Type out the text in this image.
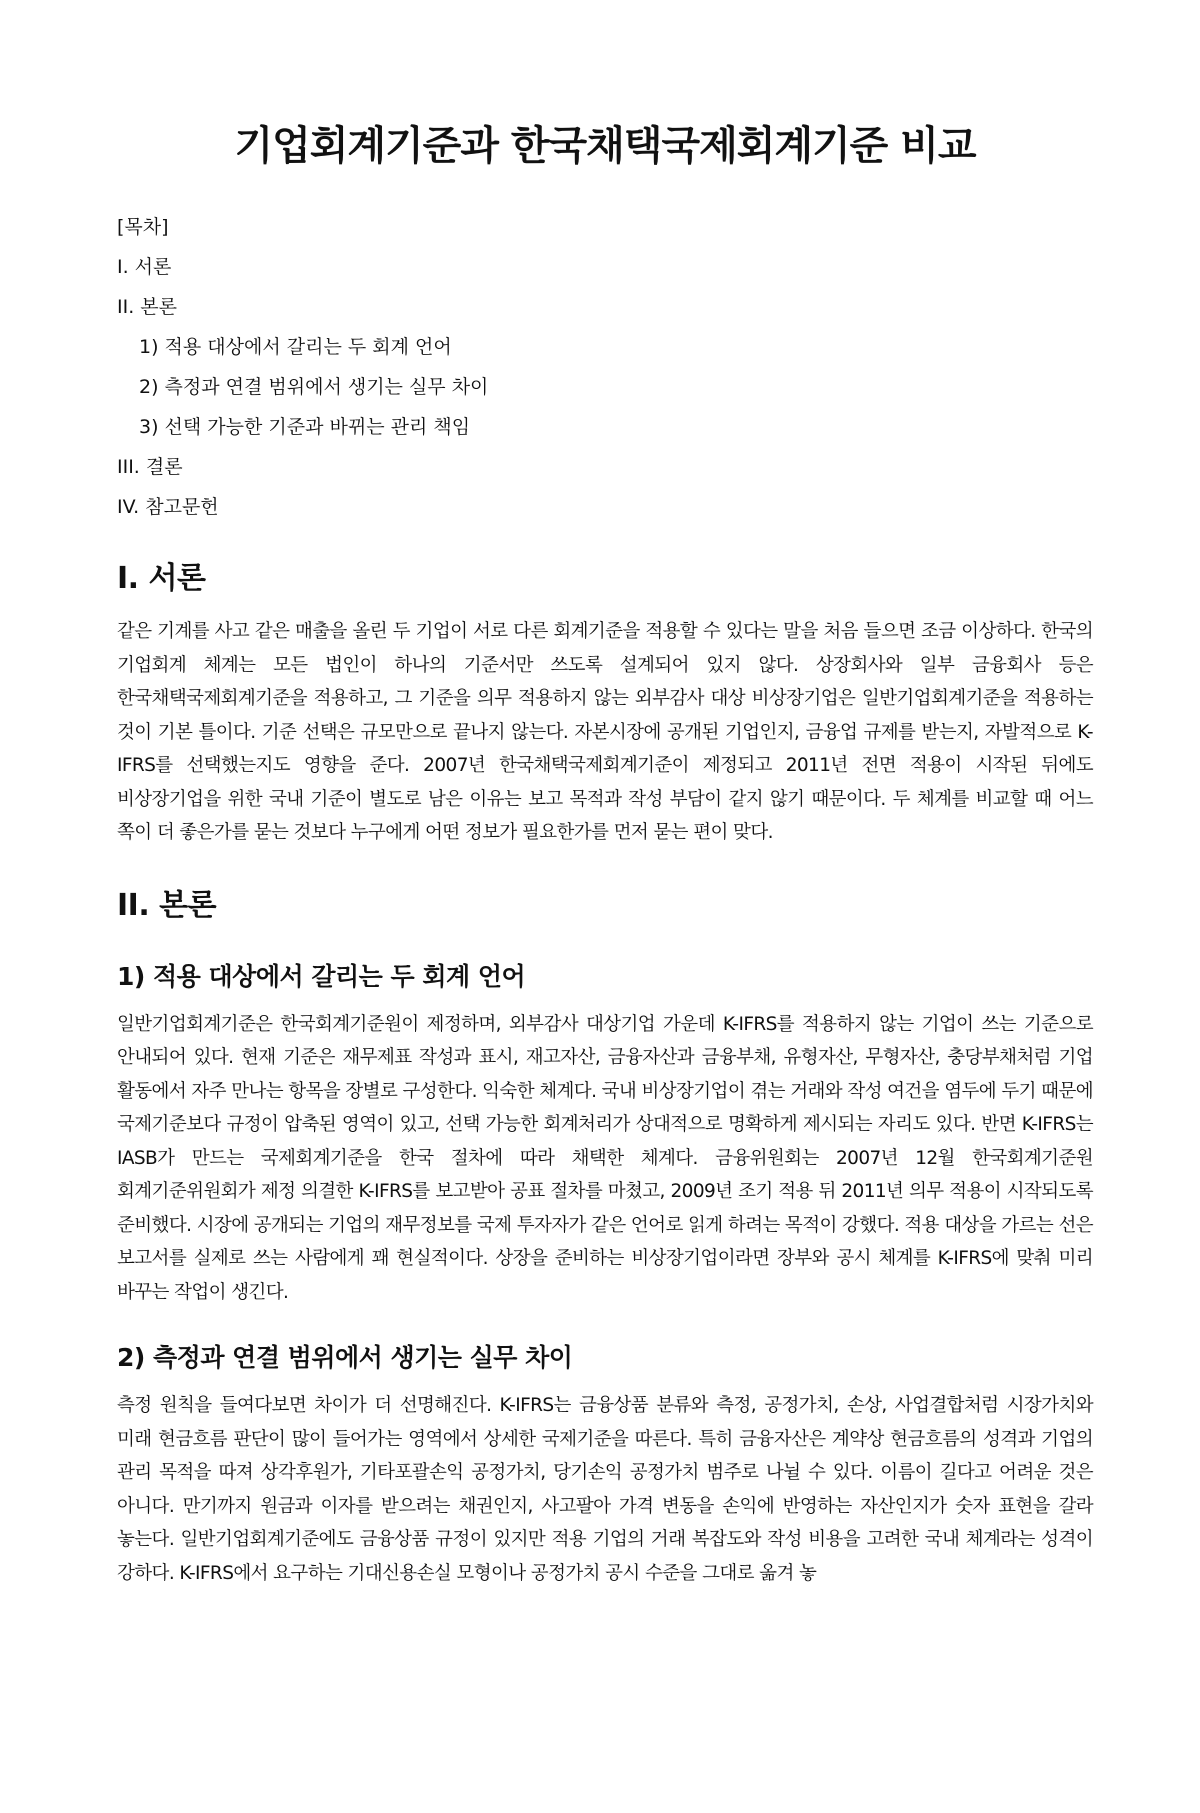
기업회계기준과 한국채택국제회계기준 비교
[목차]
I. 서론
II. 본론
1) 적용 대상에서 갈리는 두 회계 언어
2) 측정과 연결 범위에서 생기는 실무 차이
3) 선택 가능한 기준과 바뀌는 관리 책임
III. 결론
IV. 참고문헌
I. 서론

같은 기계를 사고 같은 매출을 올린 두 기업이 서로 다른 회계기준을 적용할 수 있다는 말을 처음 들으면 조금 이상하다. 한국의 기업회계 체계는 모든 법인이 하나의 기준서만 쓰도록 설계되어 있지 않다. 상장회사와 일부 금융회사 등은 한국채택국제회계기준을 적용하고, 그 기준을 의무 적용하지 않는 외부감사 대상 비상장기업은 일반기업회계기준을 적용하는 것이 기본 틀이다. 기준 선택은 규모만으로 끝나지 않는다. 자본시장에 공개된 기업인지, 금융업 규제를 받는지, 자발적으로 K-IFRS를 선택했는지도 영향을 준다. 2007년 한국채택국제회계기준이 제정되고 2011년 전면 적용이 시작된 뒤에도 비상장기업을 위한 국내 기준이 별도로 남은 이유는 보고 목적과 작성 부담이 같지 않기 때문이다. 두 체계를 비교할 때 어느 쪽이 더 좋은가를 묻는 것보다 누구에게 어떤 정보가 필요한가를 먼저 묻는 편이 맞다.

II. 본론
1) 적용 대상에서 갈리는 두 회계 언어

일반기업회계기준은 한국회계기준원이 제정하며, 외부감사 대상기업 가운데 K-IFRS를 적용하지 않는 기업이 쓰는 기준으로 안내되어 있다. 현재 기준은 재무제표 작성과 표시, 재고자산, 금융자산과 금융부채, 유형자산, 무형자산, 충당부채처럼 기업 활동에서 자주 만나는 항목을 장별로 구성한다. 익숙한 체계다. 국내 비상장기업이 겪는 거래와 작성 여건을 염두에 두기 때문에 국제기준보다 규정이 압축된 영역이 있고, 선택 가능한 회계처리가 상대적으로 명확하게 제시되는 자리도 있다. 반면 K-IFRS는 IASB가 만드는 국제회계기준을 한국 절차에 따라 채택한 체계다. 금융위원회는 2007년 12월 한국회계기준원 회계기준위원회가 제정 의결한 K-IFRS를 보고받아 공표 절차를 마쳤고, 2009년 조기 적용 뒤 2011년 의무 적용이 시작되도록 준비했다. 시장에 공개되는 기업의 재무정보를 국제 투자자가 같은 언어로 읽게 하려는 목적이 강했다. 적용 대상을 가르는 선은 보고서를 실제로 쓰는 사람에게 꽤 현실적이다. 상장을 준비하는 비상장기업이라면 장부와 공시 체계를 K-IFRS에 맞춰 미리 바꾸는 작업이 생긴다.

2) 측정과 연결 범위에서 생기는 실무 차이

측정 원칙을 들여다보면 차이가 더 선명해진다. K-IFRS는 금융상품 분류와 측정, 공정가치, 손상, 사업결합처럼 시장가치와 미래 현금흐름 판단이 많이 들어가는 영역에서 상세한 국제기준을 따른다. 특히 금융자산은 계약상 현금흐름의 성격과 기업의 관리 목적을 따져 상각후원가, 기타포괄손익 공정가치, 당기손익 공정가치 범주로 나뉠 수 있다. 이름이 길다고 어려운 것은 아니다. 만기까지 원금과 이자를 받으려는 채권인지, 사고팔아 가격 변동을 손익에 반영하는 자산인지가 숫자 표현을 갈라 놓는다. 일반기업회계기준에도 금융상품 규정이 있지만 적용 기업의 거래 복잡도와 작성 비용을 고려한 국내 체계라는 성격이 강하다. K-IFRS에서 요구하는 기대신용손실 모형이나 공정가치 공시 수준을 그대로 옮겨 놓
